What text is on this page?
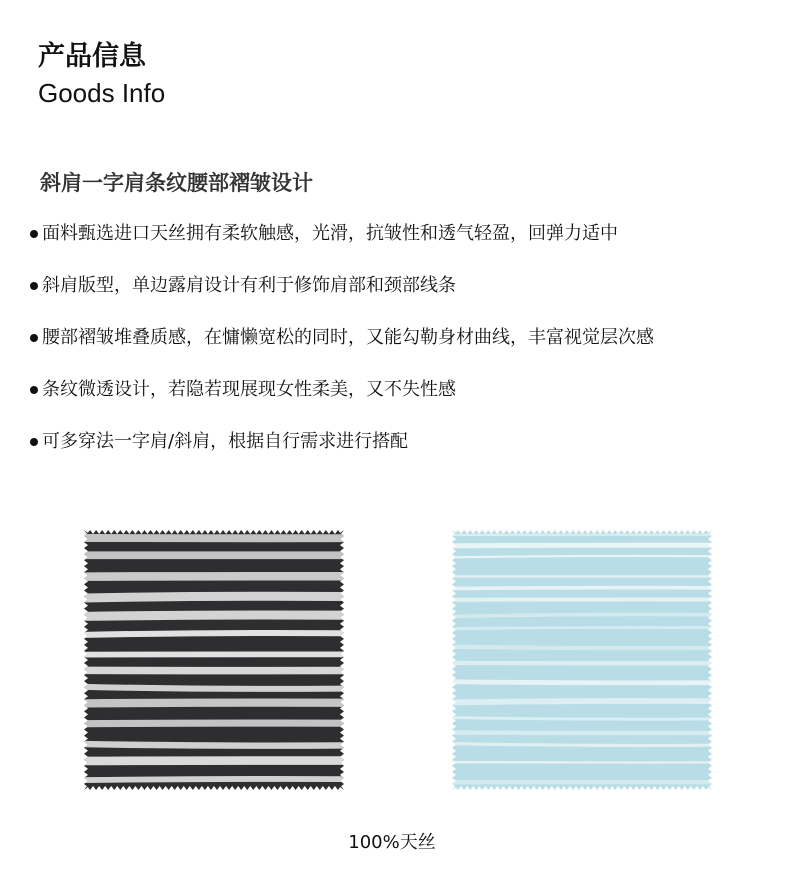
产品信息
Goods Info
斜肩一字肩条纹腰部褶皱设计
面料甄选进口天丝拥有柔软触感，光滑，抗皱性和透气轻盈，回弹力适中
斜肩版型，单边露肩设计有利于修饰肩部和颈部线条
腰部褶皱堆叠质感，在慵懒宽松的同时，又能勾勒身材曲线，丰富视觉层次感
条纹微透设计，若隐若现展现女性柔美，又不失性感
可多穿法一字肩/斜肩，根据自行需求进行搭配
100%天丝
